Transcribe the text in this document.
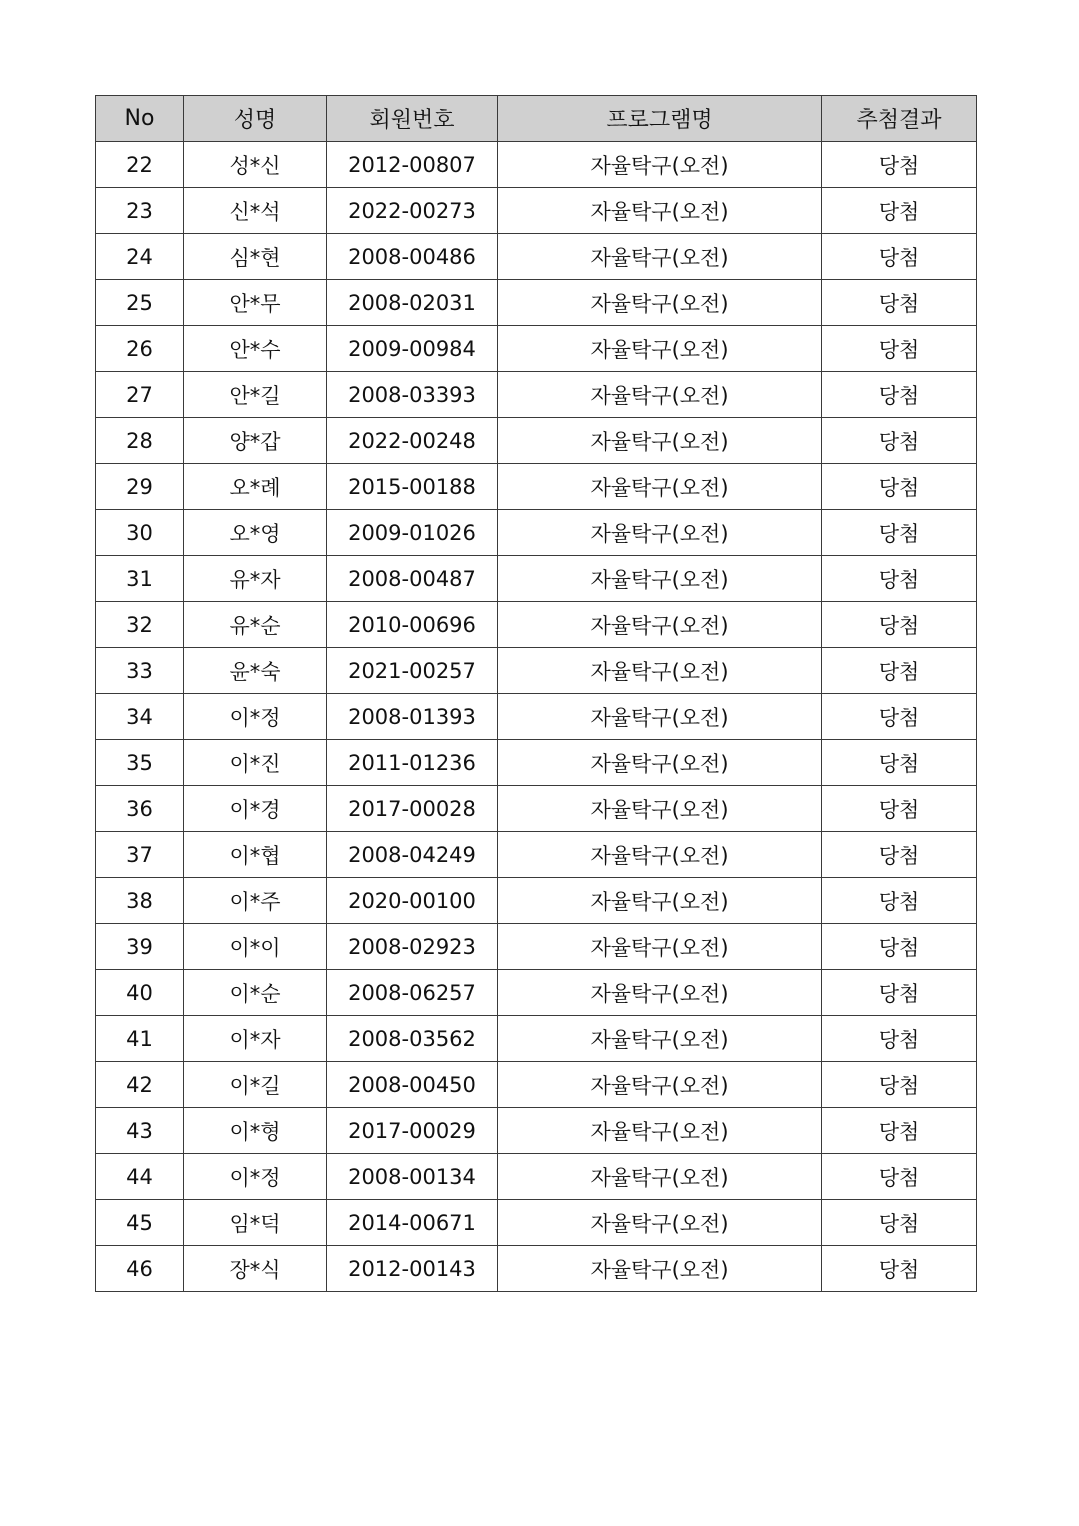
No	성명	회원번호	프로그램명	추첨결과
22	성*신	2012-00807	자율탁구(오전)	당첨
23	신*석	2022-00273	자율탁구(오전)	당첨
24	심*현	2008-00486	자율탁구(오전)	당첨
25	안*무	2008-02031	자율탁구(오전)	당첨
26	안*수	2009-00984	자율탁구(오전)	당첨
27	안*길	2008-03393	자율탁구(오전)	당첨
28	양*갑	2022-00248	자율탁구(오전)	당첨
29	오*례	2015-00188	자율탁구(오전)	당첨
30	오*영	2009-01026	자율탁구(오전)	당첨
31	유*자	2008-00487	자율탁구(오전)	당첨
32	유*순	2010-00696	자율탁구(오전)	당첨
33	윤*숙	2021-00257	자율탁구(오전)	당첨
34	이*정	2008-01393	자율탁구(오전)	당첨
35	이*진	2011-01236	자율탁구(오전)	당첨
36	이*경	2017-00028	자율탁구(오전)	당첨
37	이*협	2008-04249	자율탁구(오전)	당첨
38	이*주	2020-00100	자율탁구(오전)	당첨
39	이*이	2008-02923	자율탁구(오전)	당첨
40	이*순	2008-06257	자율탁구(오전)	당첨
41	이*자	2008-03562	자율탁구(오전)	당첨
42	이*길	2008-00450	자율탁구(오전)	당첨
43	이*형	2017-00029	자율탁구(오전)	당첨
44	이*정	2008-00134	자율탁구(오전)	당첨
45	임*덕	2014-00671	자율탁구(오전)	당첨
46	장*식	2012-00143	자율탁구(오전)	당첨
